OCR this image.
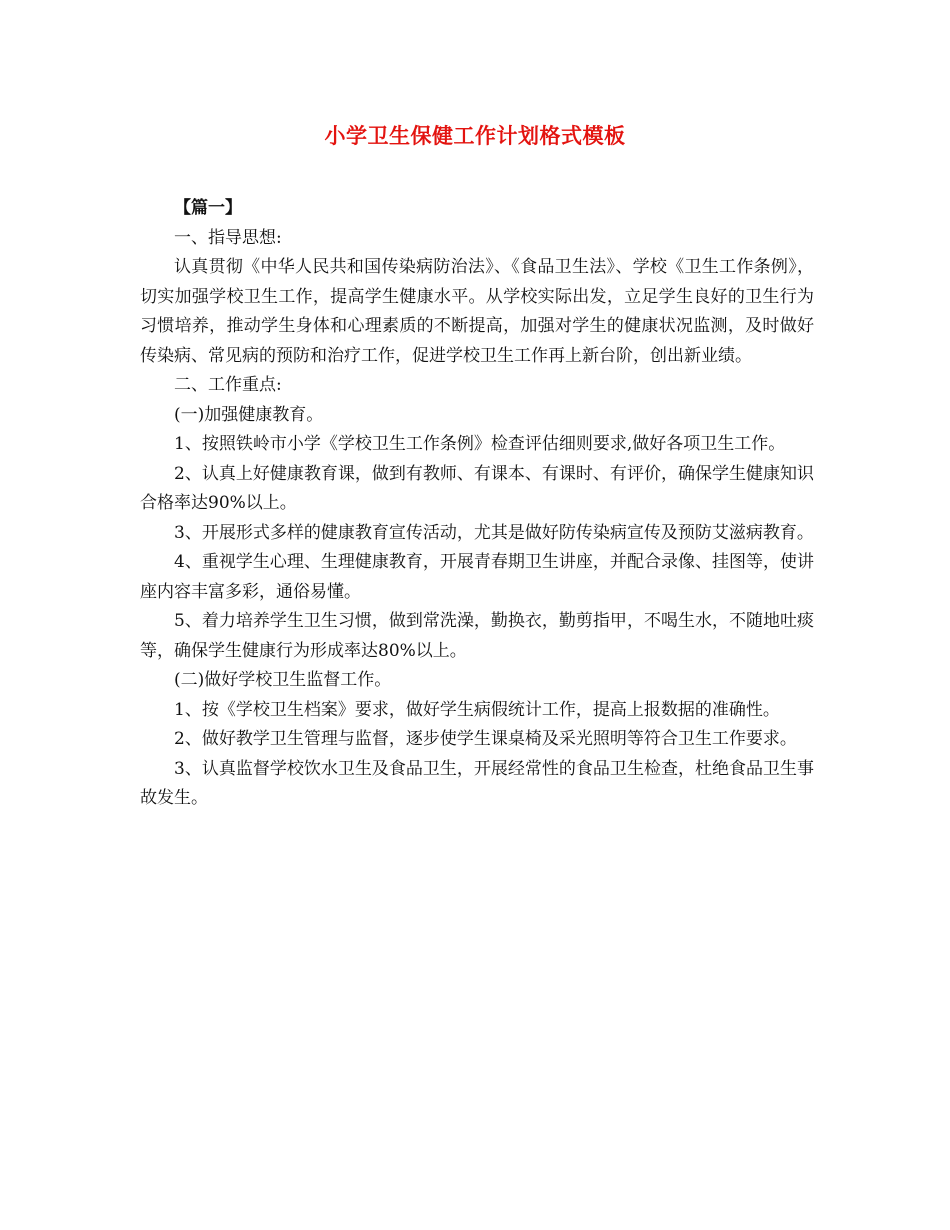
小学卫生保健工作计划格式模板

【篇一】

一、指导思想:

认真贯彻《中华人民共和国传染病防治法》、《食品卫生法》、学校《卫生工作条例》，切实加强学校卫生工作，提高学生健康水平。从学校实际出发，立足学生良好的卫生行为习惯培养，推动学生身体和心理素质的不断提高，加强对学生的健康状况监测，及时做好传染病、常见病的预防和治疗工作，促进学校卫生工作再上新台阶，创出新业绩。

二、工作重点:

(一)加强健康教育。

1、按照铁岭市小学《学校卫生工作条例》检查评估细则要求,做好各项卫生工作。

2、认真上好健康教育课，做到有教师、有课本、有课时、有评价，确保学生健康知识合格率达90%以上。

3、开展形式多样的健康教育宣传活动，尤其是做好防传染病宣传及预防艾滋病教育。

4、重视学生心理、生理健康教育，开展青春期卫生讲座，并配合录像、挂图等，使讲座内容丰富多彩，通俗易懂。

5、着力培养学生卫生习惯，做到常洗澡，勤换衣，勤剪指甲，不喝生水，不随地吐痰等，确保学生健康行为形成率达80%以上。

(二)做好学校卫生监督工作。

1、按《学校卫生档案》要求，做好学生病假统计工作，提高上报数据的准确性。

2、做好教学卫生管理与监督，逐步使学生课桌椅及采光照明等符合卫生工作要求。

3、认真监督学校饮水卫生及食品卫生，开展经常性的食品卫生检查，杜绝食品卫生事故发生。
